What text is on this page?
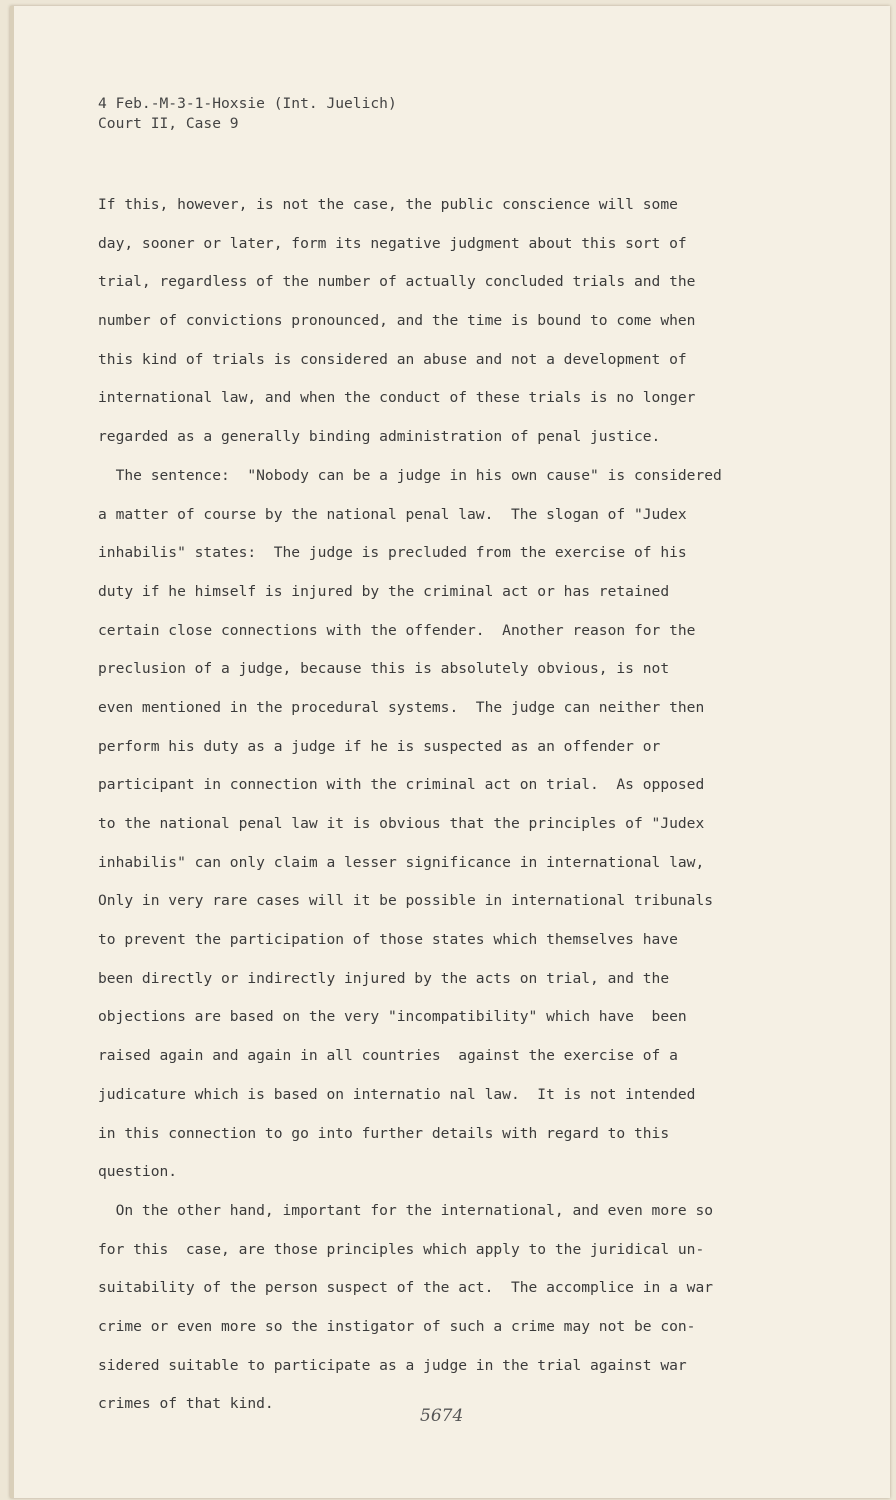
4 Feb.-M-3-1-Hoxsie (Int. Juelich)
Court II, Case 9
If this, however, is not the case, the public conscience will some
day, sooner or later, form its negative judgment about this sort of
trial, regardless of the number of actually concluded trials and the
number of convictions pronounced, and the time is bound to come when
this kind of trials is considered an abuse and not a development of
international law, and when the conduct of these trials is no longer
regarded as a generally binding administration of penal justice.
The sentence:  "Nobody can be a judge in his own cause" is considered
a matter of course by the national penal law.  The slogan of "Judex
inhabilis" states:  The judge is precluded from the exercise of his
duty if he himself is injured by the criminal act or has retained
certain close connections with the offender.  Another reason for the
preclusion of a judge, because this is absolutely obvious, is not
even mentioned in the procedural systems.  The judge can neither then
perform his duty as a judge if he is suspected as an offender or
participant in connection with the criminal act on trial.  As opposed
to the national penal law it is obvious that the principles of "Judex
inhabilis" can only claim a lesser significance in international law,
Only in very rare cases will it be possible in international tribunals
to prevent the participation of those states which themselves have
been directly or indirectly injured by the acts on trial, and the
objections are based on the very "incompatibility" which have  been
raised again and again in all countries  against the exercise of a
judicature which is based on internatio nal law.  It is not intended
in this connection to go into further details with regard to this
question.
On the other hand, important for the international, and even more so
for this  case, are those principles which apply to the juridical un-
suitability of the person suspect of the act.  The accomplice in a war
crime or even more so the instigator of such a crime may not be con-
sidered suitable to participate as a judge in the trial against war
crimes of that kind.
5674
